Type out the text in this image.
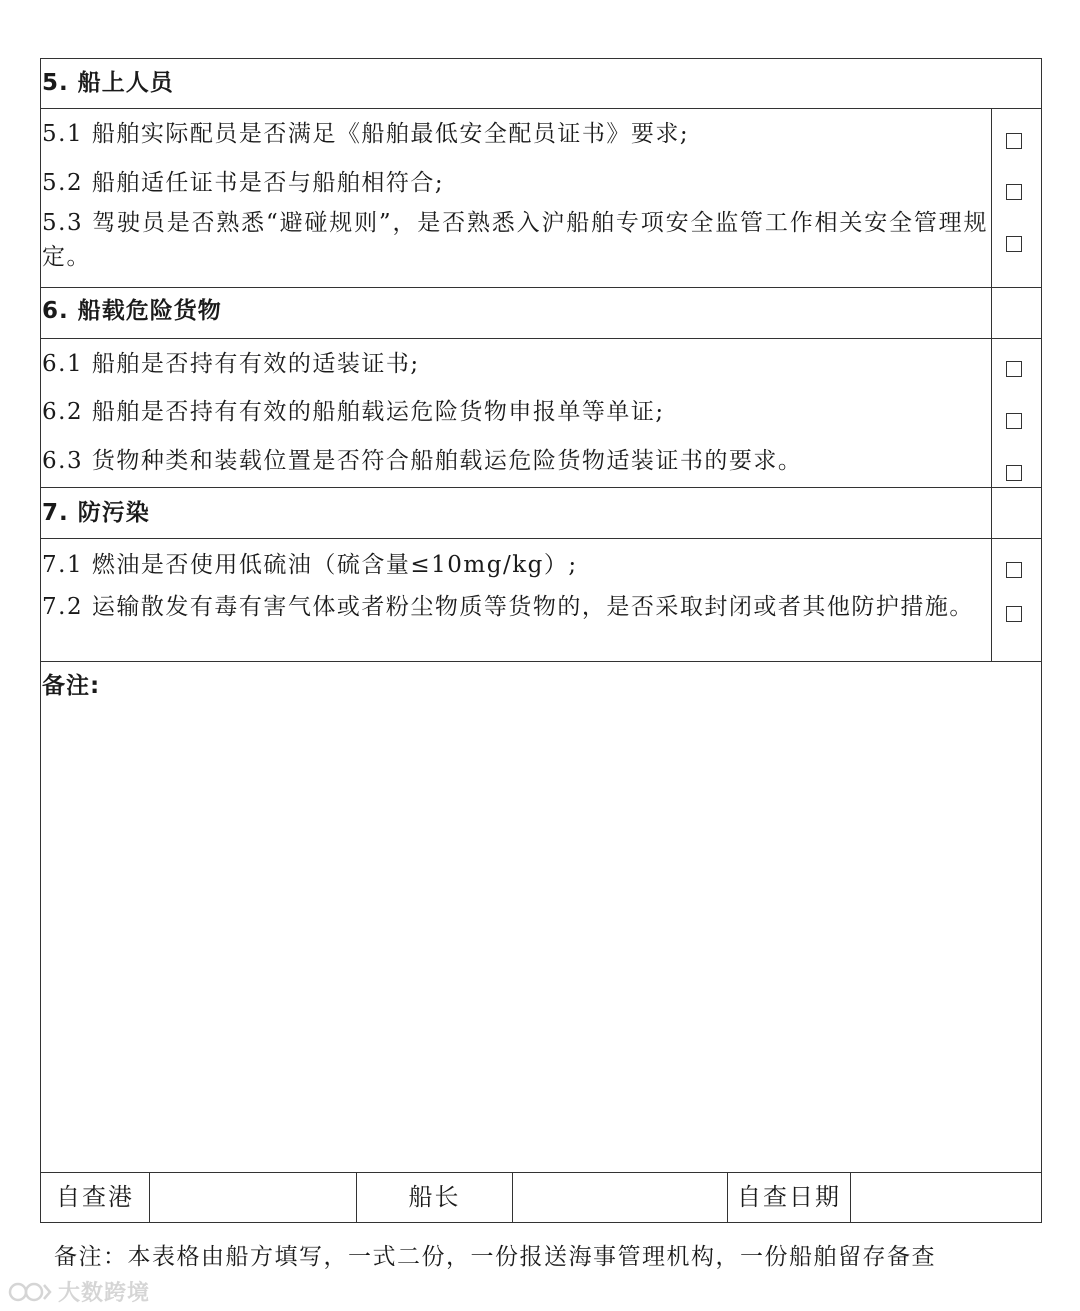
5. 船上人员
5.1 船舶实际配员是否满足《船舶最低安全配员证书》要求;
5.2 船舶适任证书是否与船舶相符合;
5.3 驾驶员是否熟悉“避碰规则”，是否熟悉入沪船舶专项安全监管工作相关安全管理规定。
6. 船载危险货物
6.1 船舶是否持有有效的适装证书;
6.2 船舶是否持有有效的船舶载运危险货物申报单等单证;
6.3 货物种类和装载位置是否符合船舶载运危险货物适装证书的要求。
7. 防污染
7.1 燃油是否使用低硫油（硫含量≤10mg/kg）;
7.2 运输散发有毒有害气体或者粉尘物质等货物的，是否采取封闭或者其他防护措施。
备注:
自查港	船长	自查日期
备注：本表格由船方填写，一式二份，一份报送海事管理机构，一份船舶留存备查
大数跨境
